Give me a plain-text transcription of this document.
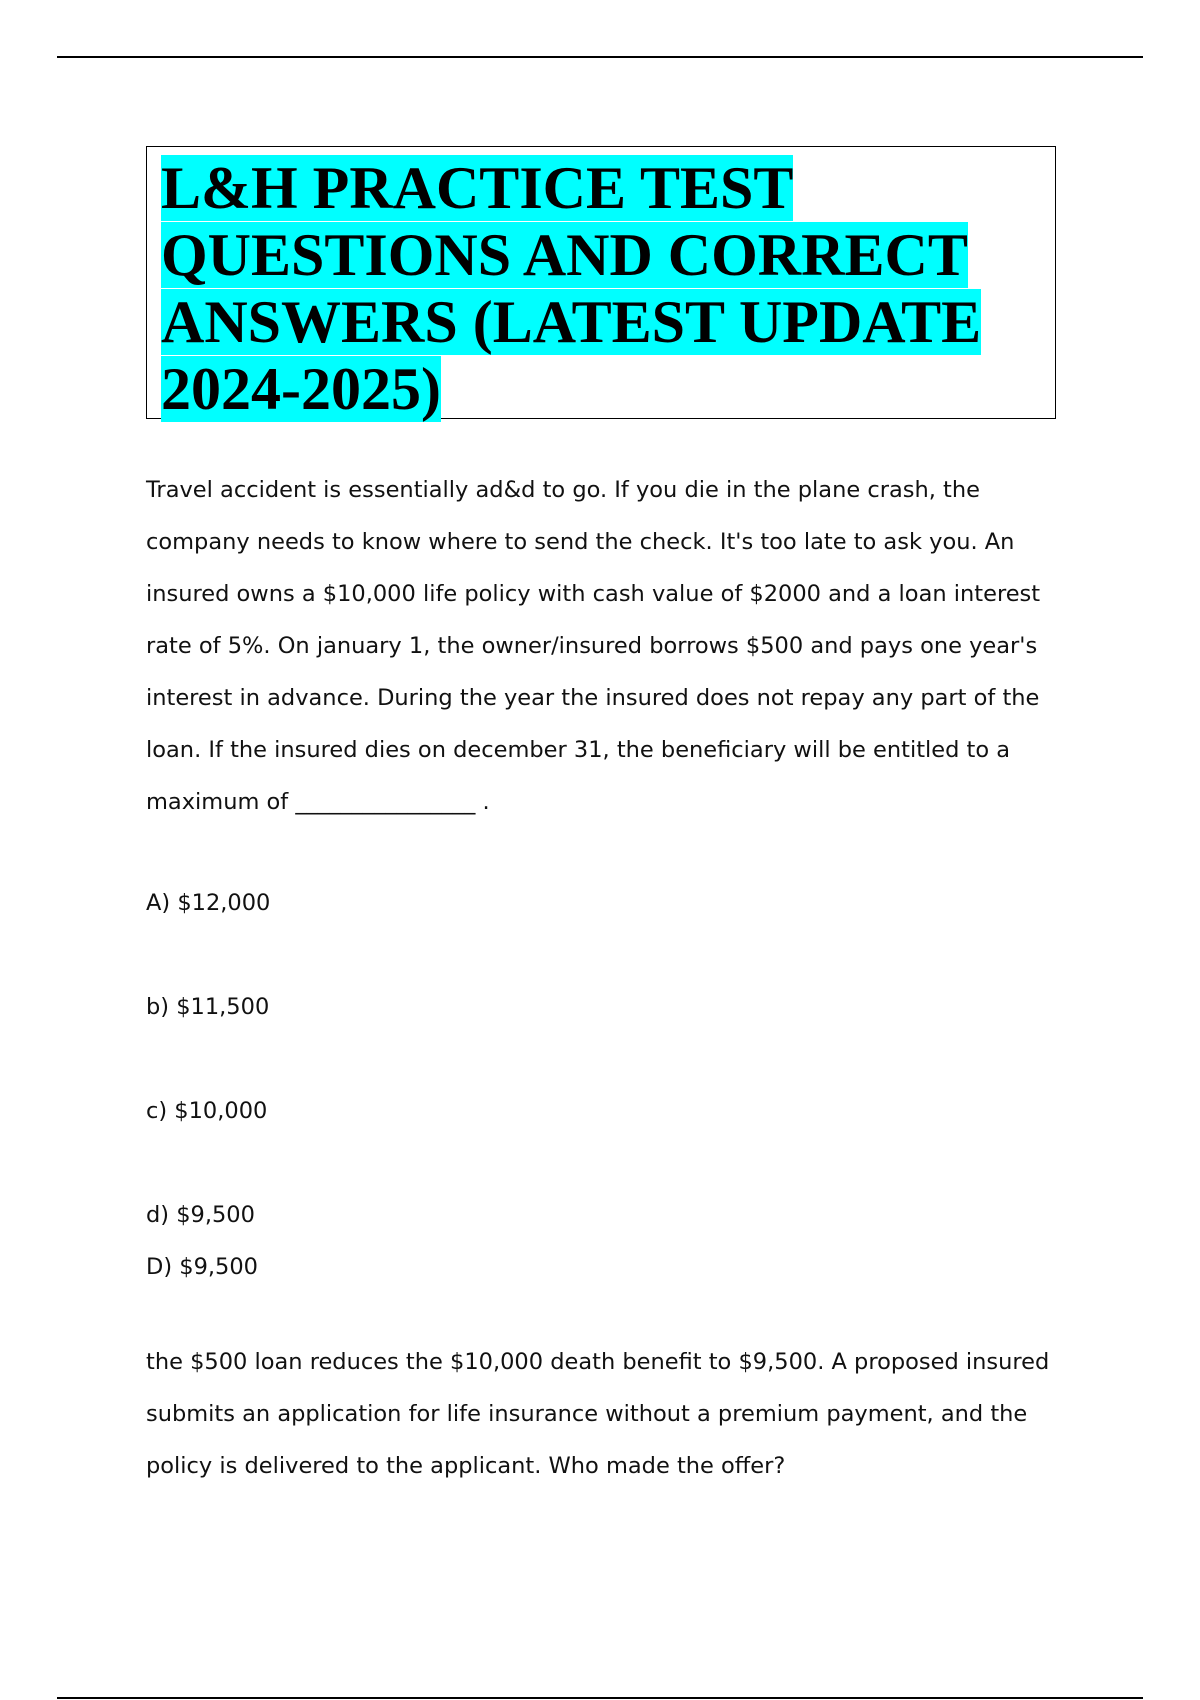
L&H PRACTICE TEST QUESTIONS AND CORRECT ANSWERS (LATEST UPDATE 2024-2025)

Travel accident is essentially ad&d to go. If you die in the plane crash, the company needs to know where to send the check. It's too late to ask you. An insured owns a $10,000 life policy with cash value of $2000 and a loan interest rate of 5%. On january 1, the owner/insured borrows $500 and pays one year's interest in advance. During the year the insured does not repay any part of the loan. If the insured dies on december 31, the beneficiary will be entitled to a maximum of ________________ .

A) $12,000

b) $11,500

c) $10,000

d) $9,500

D) $9,500

the $500 loan reduces the $10,000 death benefit to $9,500. A proposed insured submits an application for life insurance without a premium payment, and the policy is delivered to the applicant. Who made the offer?
